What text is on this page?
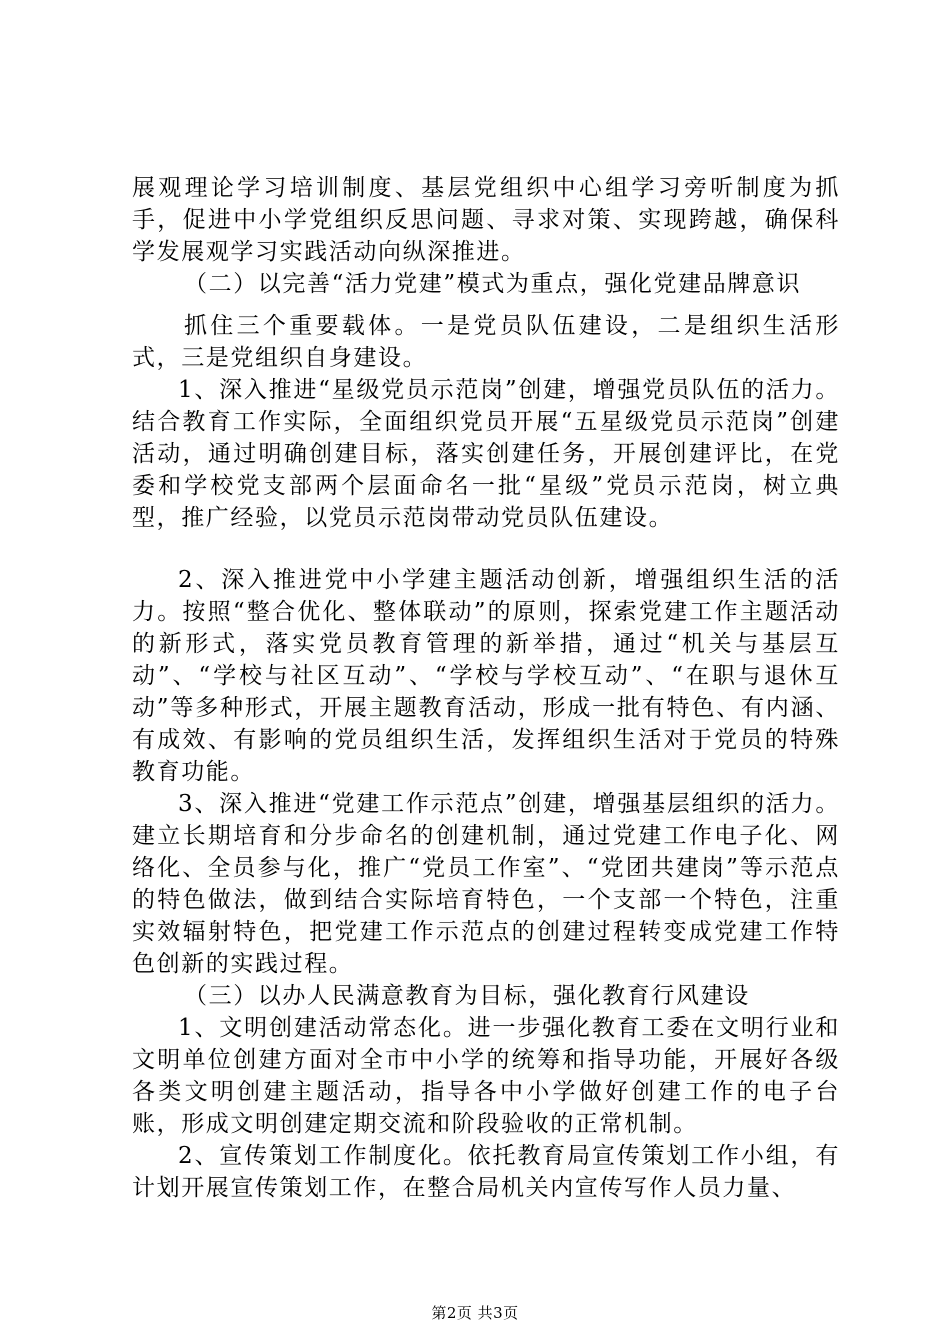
展观理论学习培训制度、基层党组织中心组学习旁听制度为抓手，促进中小学党组织反思问题、寻求对策、实现跨越，确保科学发展观学习实践活动向纵深推进。

（二）以完善“活力党建”模式为重点，强化党建品牌意识

抓住三个重要载体。一是党员队伍建设，二是组织生活形式，三是党组织自身建设。

1、深入推进“星级党员示范岗”创建，增强党员队伍的活力。结合教育工作实际，全面组织党员开展“五星级党员示范岗”创建活动，通过明确创建目标，落实创建任务，开展创建评比，在党委和学校党支部两个层面命名一批“星级”党员示范岗，树立典型，推广经验，以党员示范岗带动党员队伍建设。

2、深入推进党中小学建主题活动创新，增强组织生活的活力。按照“整合优化、整体联动”的原则，探索党建工作主题活动的新形式，落实党员教育管理的新举措，通过“机关与基层互动”、“学校与社区互动”、“学校与学校互动”、“在职与退休互动”等多种形式，开展主题教育活动，形成一批有特色、有内涵、有成效、有影响的党员组织生活，发挥组织生活对于党员的特殊教育功能。

3、深入推进“党建工作示范点”创建，增强基层组织的活力。建立长期培育和分步命名的创建机制，通过党建工作电子化、网络化、全员参与化，推广“党员工作室”、“党团共建岗”等示范点的特色做法，做到结合实际培育特色，一个支部一个特色，注重实效辐射特色，把党建工作示范点的创建过程转变成党建工作特色创新的实践过程。

（三）以办人民满意教育为目标，强化教育行风建设

1、文明创建活动常态化。进一步强化教育工委在文明行业和文明单位创建方面对全市中小学的统筹和指导功能，开展好各级各类文明创建主题活动，指导各中小学做好创建工作的电子台账，形成文明创建定期交流和阶段验收的正常机制。

2、宣传策划工作制度化。依托教育局宣传策划工作小组，有计划开展宣传策划工作，在整合局机关内宣传写作人员力量、

第2页 共3页
